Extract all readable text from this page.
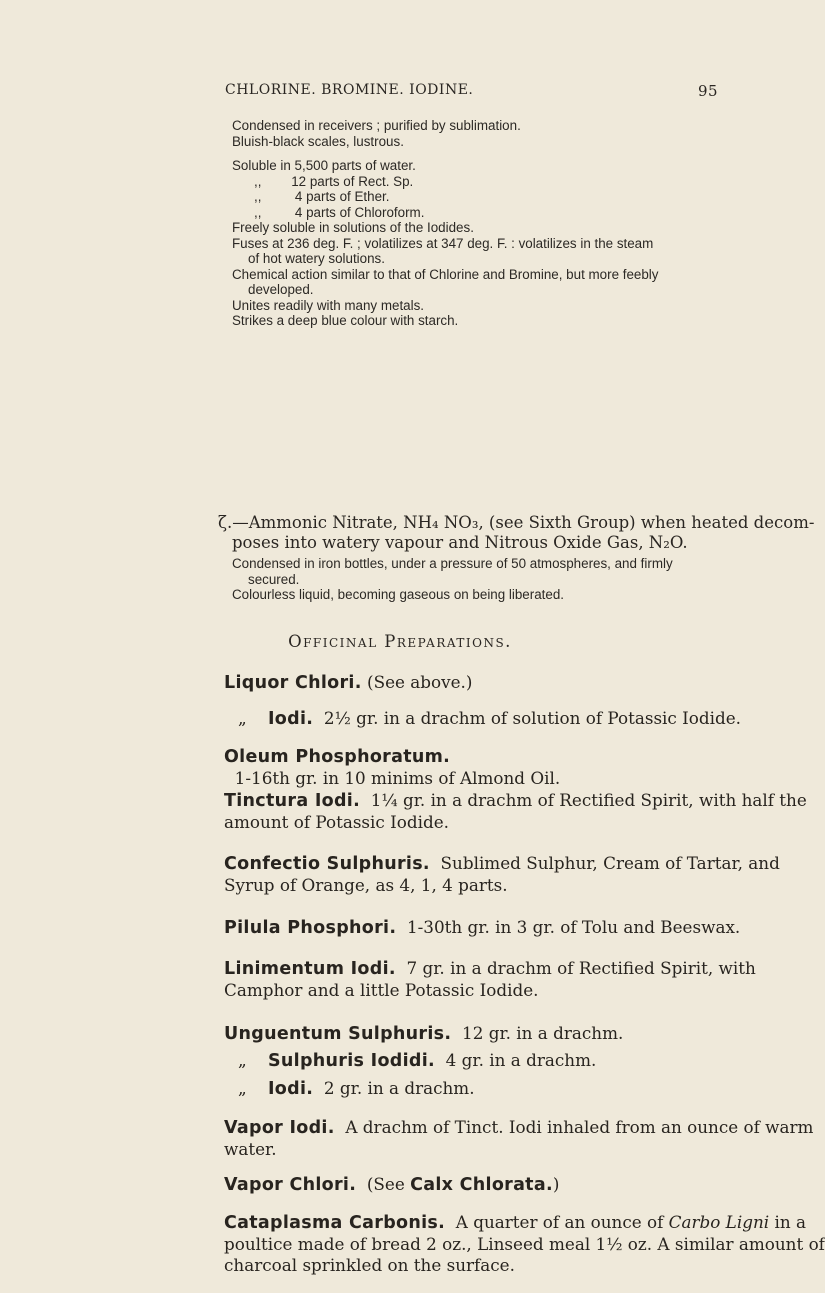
CHLORINE. BROMINE. IODINE.	95
Condensed in receivers ; purified by sublimation.
Bluish-black scales, lustrous.
Soluble in 5,500 parts of water.
,,        12 parts of Rect. Sp.
,,         4 parts of Ether.
,,         4 parts of Chloroform.
Freely soluble in solutions of the Iodides.
Fuses at 236 deg. F. ; volatilizes at 347 deg. F. : volatilizes in the steam
of hot watery solutions.
Chemical action similar to that of Chlorine and Bromine, but more feebly
developed.
Unites readily with many metals.
Strikes a deep blue colour with starch.
ζ.—Ammonic Nitrate, NH₄ NO₃, (see Sixth Group) when heated decom-
poses into watery vapour and Nitrous Oxide Gas, N₂O.
Condensed in iron bottles, under a pressure of 50 atmospheres, and firmly
secured.
Colourless liquid, becoming gaseous on being liberated.
Officinal Preparations.
Liquor Chlori. (See above.)
„ Iodi.  2½ gr. in a drachm of solution of Potassic Iodide.
Oleum Phosphoratum.  1-16th gr. in 10 minims of Almond Oil.
Tinctura Iodi.  1¼ gr. in a drachm of Rectified Spirit, with half the
amount of Potassic Iodide.
Confectio Sulphuris.  Sublimed Sulphur, Cream of Tartar, and
Syrup of Orange, as 4, 1, 4 parts.
Pilula Phosphori.  1-30th gr. in 3 gr. of Tolu and Beeswax.
Linimentum Iodi.  7 gr. in a drachm of Rectified Spirit, with
Camphor and a little Potassic Iodide.
Unguentum Sulphuris.  12 gr. in a drachm.
„ Sulphuris Iodidi.  4 gr. in a drachm.
„ Iodi.  2 gr. in a drachm.
Vapor Iodi.  A drachm of Tinct. Iodi inhaled from an ounce of warm
water.
Vapor Chlori.  (See Calx Chlorata.)
Cataplasma Carbonis.  A quarter of an ounce of Carbo Ligni in a
poultice made of bread 2 oz., Linseed meal 1½ oz. A similar amount of
charcoal sprinkled on the surface.
